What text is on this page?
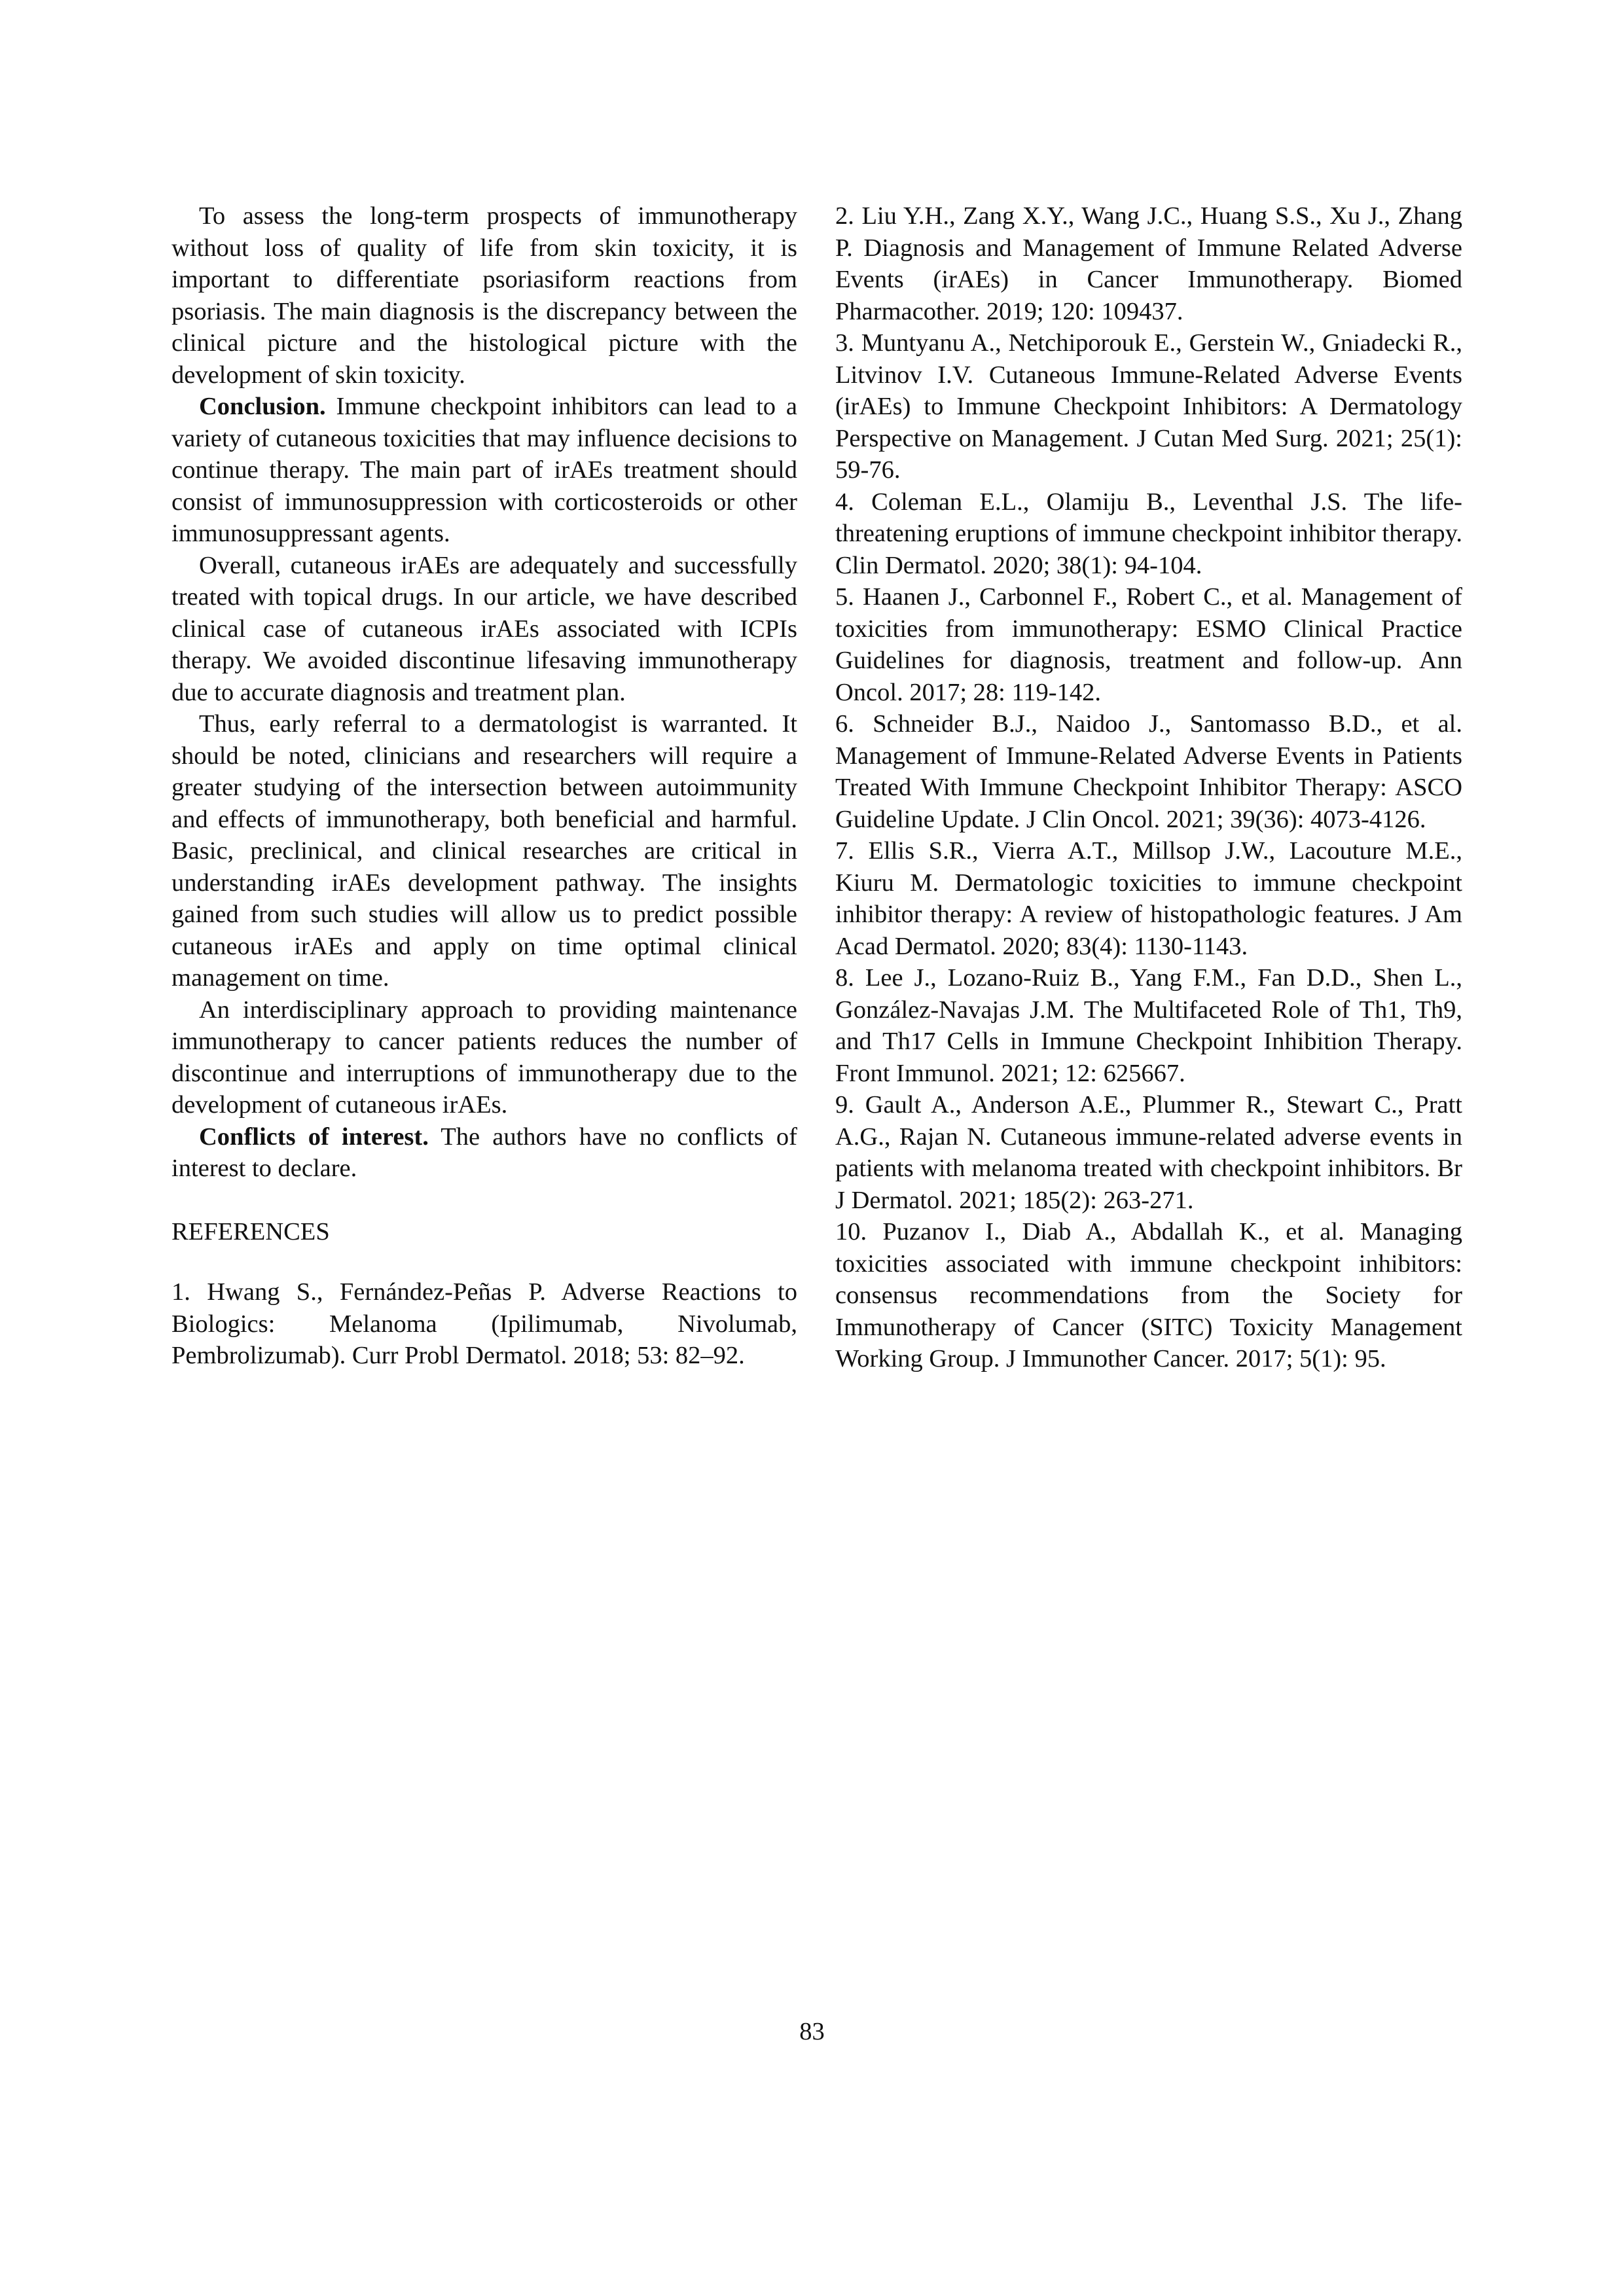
To assess the long-term prospects of immunotherapy without loss of quality of life from skin toxicity, it is important to differentiate psoriasiform reactions from psoriasis. The main diagnosis is the discrepancy between the clinical picture and the histological picture with the development of skin toxicity.

Conclusion. Immune checkpoint inhibitors can lead to a variety of cutaneous toxicities that may influence decisions to continue therapy. The main part of irAEs treatment should consist of immunosuppression with corticosteroids or other immunosuppressant agents.

Overall, cutaneous irAEs are adequately and successfully treated with topical drugs. In our article, we have described clinical case of cutaneous irAEs associated with ICPIs therapy. We avoided discontinue lifesaving immunotherapy due to accurate diagnosis and treatment plan.

Thus, early referral to a dermatologist is warranted. It should be noted, clinicians and researchers will require a greater studying of the intersection between autoimmunity and effects of immunotherapy, both beneficial and harmful. Basic, preclinical, and clinical researches are critical in understanding irAEs development pathway. The insights gained from such studies will allow us to predict possible cutaneous irAEs and apply on time optimal clinical management on time.

An interdisciplinary approach to providing maintenance immunotherapy to cancer patients reduces the number of discontinue and interruptions of immunotherapy due to the development of cutaneous irAEs.

Conflicts of interest. The authors have no conflicts of interest to declare.

REFERENCES

1. Hwang S., Fernández-Peñas P. Adverse Reactions to Biologics: Melanoma (Ipilimumab, Nivolumab, Pembrolizumab). Curr Probl Dermatol. 2018; 53: 82–92.

2. Liu Y.H., Zang X.Y., Wang J.C., Huang S.S., Xu J., Zhang P. Diagnosis and Management of Immune Related Adverse Events (irAEs) in Cancer Immunotherapy. Biomed Pharmacother. 2019; 120: 109437.

3. Muntyanu A., Netchiporouk E., Gerstein W., Gniadecki R., Litvinov I.V. Cutaneous Immune-Related Adverse Events (irAEs) to Immune Checkpoint Inhibitors: A Dermatology Perspective on Management. J Cutan Med Surg. 2021; 25(1): 59-76.

4. Coleman E.L., Olamiju B., Leventhal J.S. The life-threatening eruptions of immune checkpoint inhibitor therapy. Clin Dermatol. 2020; 38(1): 94-104.

5. Haanen J., Carbonnel F., Robert C., et al. Management of toxicities from immunotherapy: ESMO Clinical Practice Guidelines for diagnosis, treatment and follow-up. Ann Oncol. 2017; 28: 119-142.

6. Schneider B.J., Naidoo J., Santomasso B.D., et al. Management of Immune-Related Adverse Events in Patients Treated With Immune Checkpoint Inhibitor Therapy: ASCO Guideline Update. J Clin Oncol. 2021; 39(36): 4073-4126.

7. Ellis S.R., Vierra A.T., Millsop J.W., Lacouture M.E., Kiuru M. Dermatologic toxicities to immune checkpoint inhibitor therapy: A review of histopathologic features. J Am Acad Dermatol. 2020; 83(4): 1130-1143.

8. Lee J., Lozano-Ruiz B., Yang F.M., Fan D.D., Shen L., González-Navajas J.M. The Multifaceted Role of Th1, Th9, and Th17 Cells in Immune Checkpoint Inhibition Therapy. Front Immunol. 2021; 12: 625667.

9. Gault A., Anderson A.E., Plummer R., Stewart C., Pratt A.G., Rajan N. Cutaneous immune-related adverse events in patients with melanoma treated with checkpoint inhibitors. Br J Dermatol. 2021; 185(2): 263-271.

10. Puzanov I., Diab A., Abdallah K., et al. Managing toxicities associated with immune checkpoint inhibitors: consensus recommendations from the Society for Immunotherapy of Cancer (SITC) Toxicity Management Working Group. J Immunother Cancer. 2017; 5(1): 95.

83
